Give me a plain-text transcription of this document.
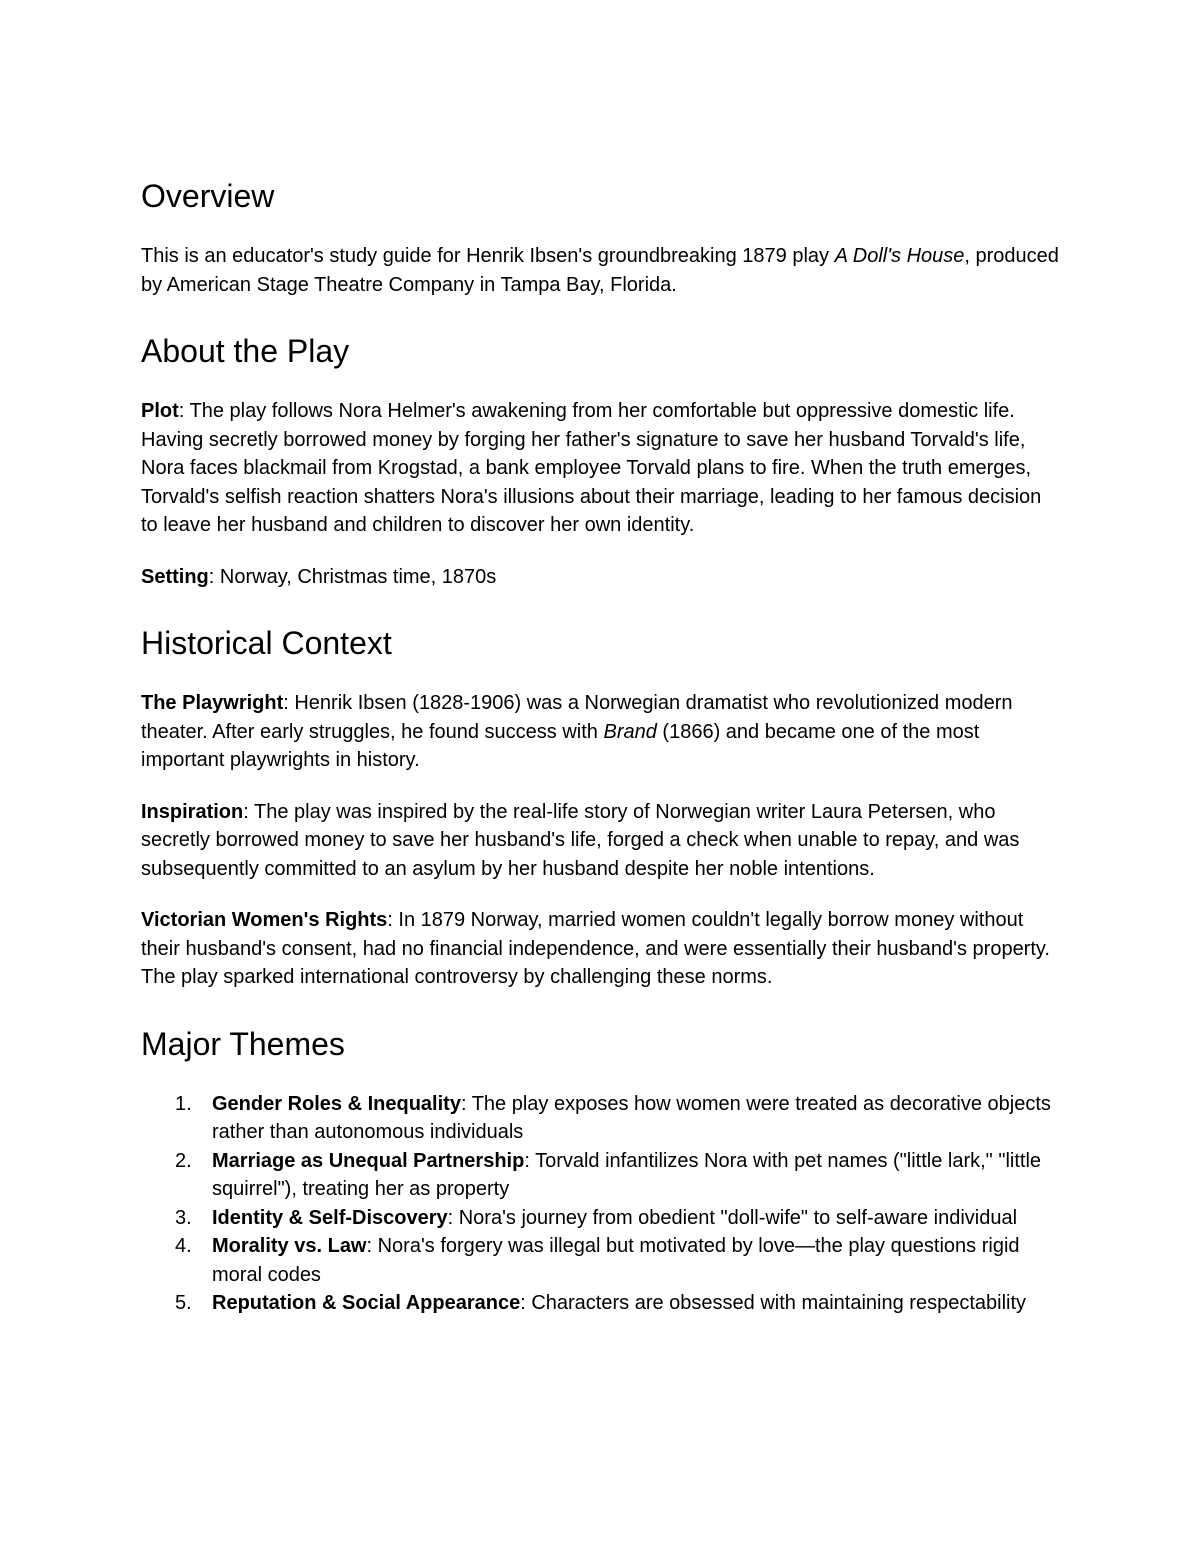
Overview

This is an educator's study guide for Henrik Ibsen's groundbreaking 1879 play A Doll's House, produced by American Stage Theatre Company in Tampa Bay, Florida.

About the Play

Plot: The play follows Nora Helmer's awakening from her comfortable but oppressive domestic life. Having secretly borrowed money by forging her father's signature to save her husband Torvald's life, Nora faces blackmail from Krogstad, a bank employee Torvald plans to fire. When the truth emerges, Torvald's selfish reaction shatters Nora's illusions about their marriage, leading to her famous decision to leave her husband and children to discover her own identity.

Setting: Norway, Christmas time, 1870s

Historical Context

The Playwright: Henrik Ibsen (1828-1906) was a Norwegian dramatist who revolutionized modern theater. After early struggles, he found success with Brand (1866) and became one of the most important playwrights in history.

Inspiration: The play was inspired by the real-life story of Norwegian writer Laura Petersen, who secretly borrowed money to save her husband's life, forged a check when unable to repay, and was subsequently committed to an asylum by her husband despite her noble intentions.

Victorian Women's Rights: In 1879 Norway, married women couldn't legally borrow money without their husband's consent, had no financial independence, and were essentially their husband's property. The play sparked international controversy by challenging these norms.

Major Themes
1. Gender Roles & Inequality: The play exposes how women were treated as decorative objects rather than autonomous individuals
2. Marriage as Unequal Partnership: Torvald infantilizes Nora with pet names ("little lark," "little squirrel"), treating her as property
3. Identity & Self-Discovery: Nora's journey from obedient "doll-wife" to self-aware individual
4. Morality vs. Law: Nora's forgery was illegal but motivated by love—the play questions rigid moral codes
5. Reputation & Social Appearance: Characters are obsessed with maintaining respectability
